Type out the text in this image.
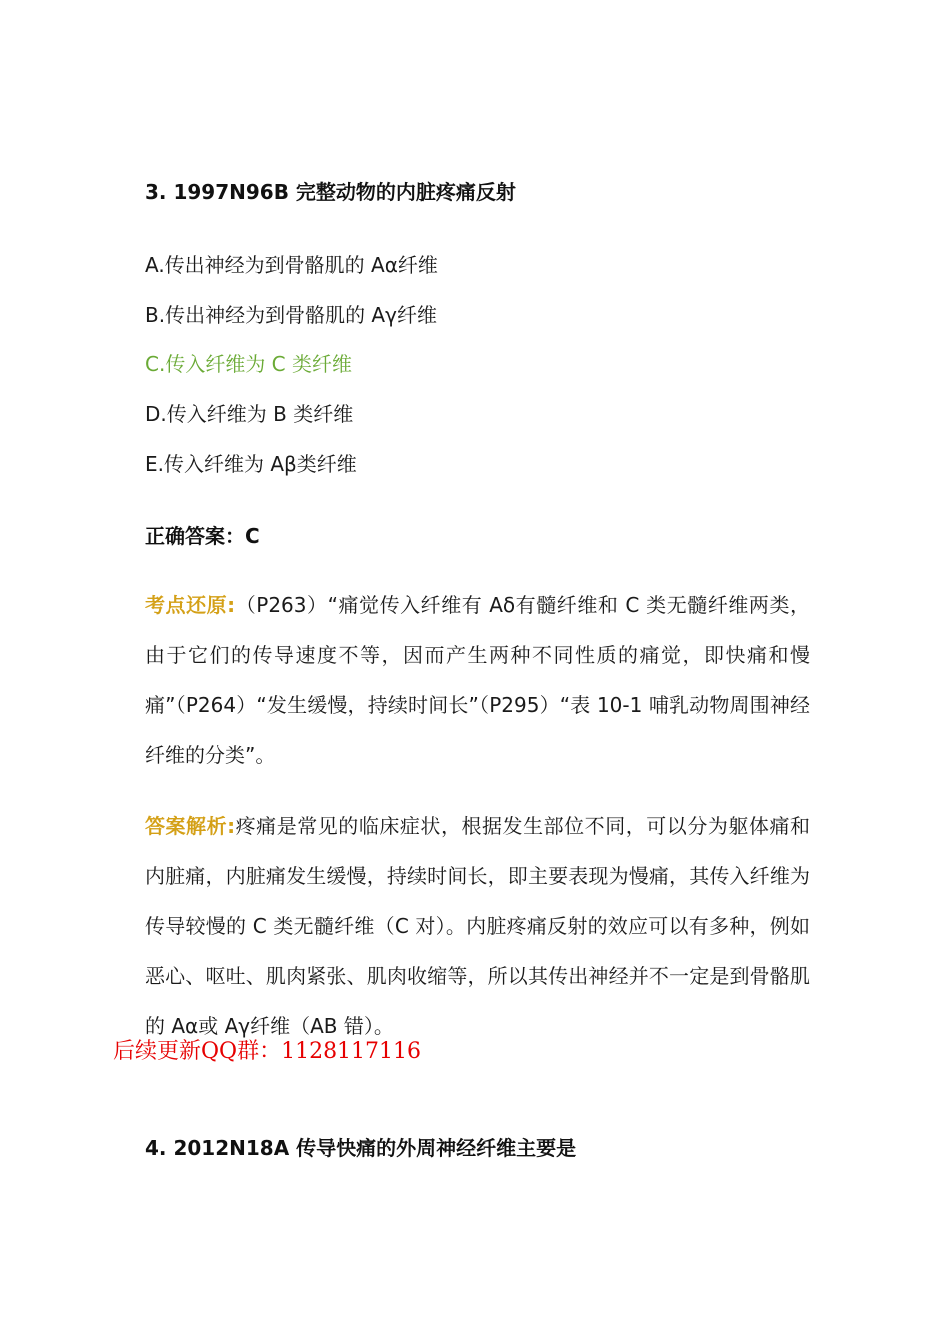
3. 1997N96B 完整动物的内脏疼痛反射
A.传出神经为到骨骼肌的 Aα纤维
B.传出神经为到骨骼肌的 Aγ纤维
C.传入纤维为 C 类纤维
D.传入纤维为 B 类纤维
E.传入纤维为 Aβ类纤维
正确答案：C
考点还原:（P263）“痛觉传入纤维有 Aδ有髓纤维和 C 类无髓纤维两类，由于它们的传导速度不等，因而产生两种不同性质的痛觉，即快痛和慢痛”（P264）“发生缓慢，持续时间长”（P295）“表 10-1 哺乳动物周围神经纤维的分类”。
答案解析:疼痛是常见的临床症状，根据发生部位不同，可以分为躯体痛和内脏痛，内脏痛发生缓慢，持续时间长，即主要表现为慢痛，其传入纤维为传导较慢的 C 类无髓纤维（C 对）。内脏疼痛反射的效应可以有多种，例如恶心、呕吐、肌肉紧张、肌肉收缩等，所以其传出神经并不一定是到骨骼肌的 Aα或 Aγ纤维（AB 错）。
后续更新QQ群：1128117116
4. 2012N18A 传导快痛的外周神经纤维主要是
